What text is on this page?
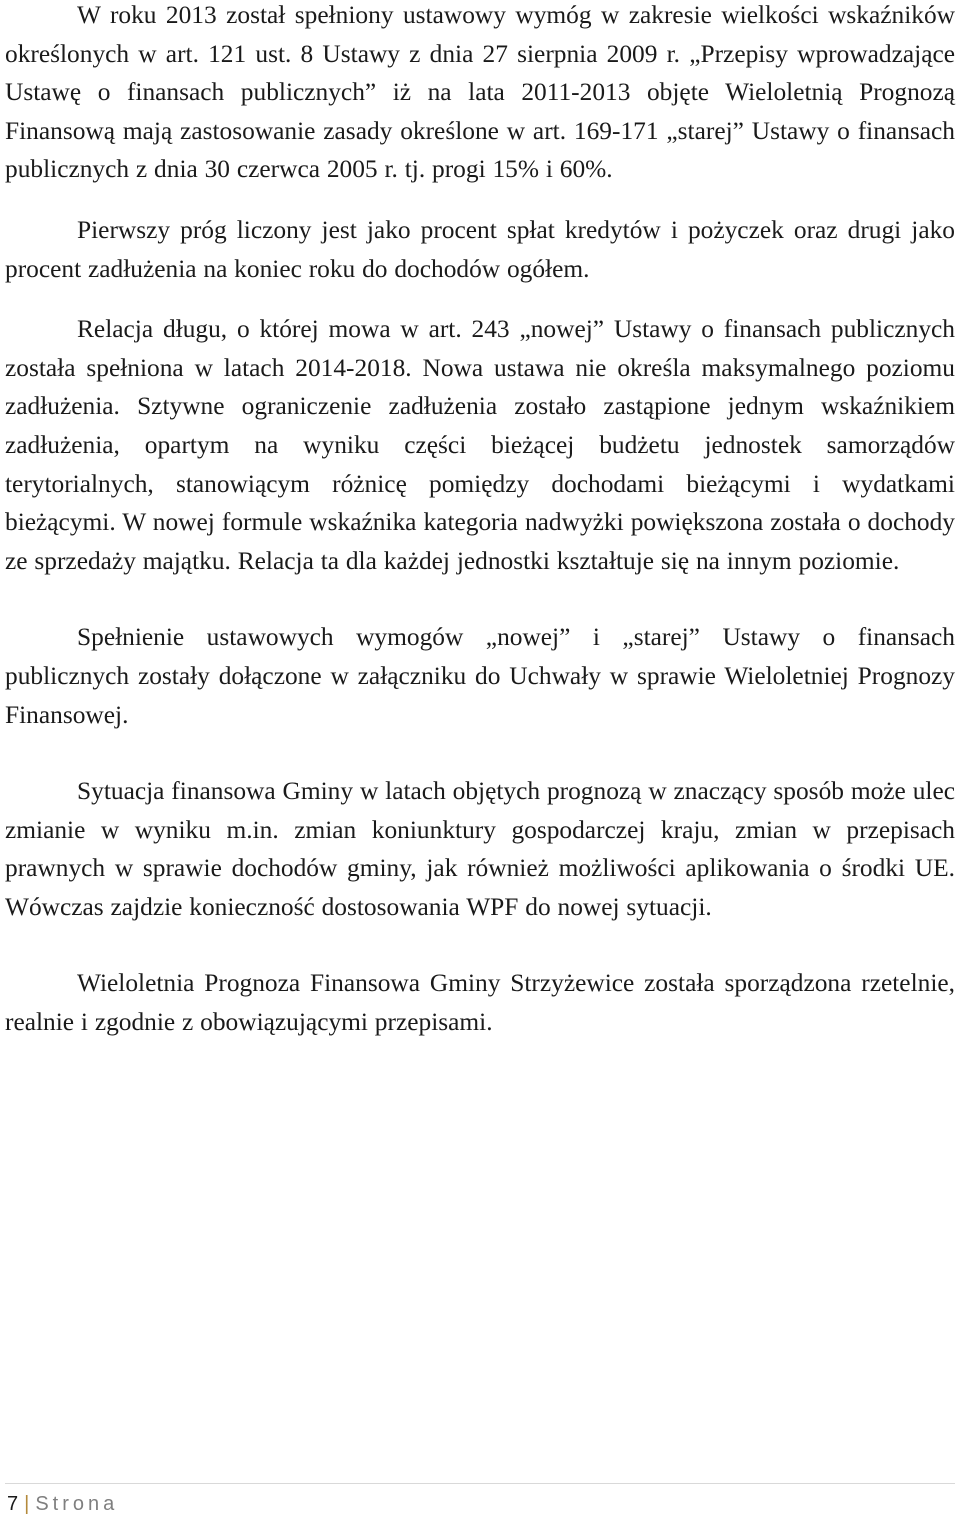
W roku 2013 został spełniony ustawowy wymóg w zakresie wielkości wskaźników określonych w art. 121 ust. 8 Ustawy z dnia 27 sierpnia 2009 r. „Przepisy wprowadzające Ustawę o finansach publicznych” iż na lata 2011-2013 objęte Wieloletnią Prognozą Finansową mają zastosowanie zasady określone w art. 169-171 „starej” Ustawy o finansach publicznych z dnia 30 czerwca 2005 r. tj. progi 15% i 60%.

Pierwszy próg liczony jest jako procent spłat kredytów i pożyczek oraz drugi jako procent zadłużenia na koniec roku do dochodów ogółem.

Relacja długu, o której mowa w art. 243 „nowej” Ustawy o finansach publicznych została spełniona w latach 2014-2018. Nowa ustawa nie określa maksymalnego poziomu zadłużenia. Sztywne ograniczenie zadłużenia zostało zastąpione jednym wskaźnikiem zadłużenia, opartym na wyniku części bieżącej budżetu jednostek samorządów terytorialnych, stanowiącym różnicę pomiędzy dochodami bieżącymi i wydatkami bieżącymi. W nowej formule wskaźnika kategoria nadwyżki powiększona została o dochody ze sprzedaży majątku. Relacja ta dla każdej jednostki kształtuje się na innym poziomie.

Spełnienie ustawowych wymogów „nowej” i „starej” Ustawy o finansach publicznych zostały dołączone w załączniku do Uchwały w sprawie Wieloletniej Prognozy Finansowej.

Sytuacja finansowa Gminy w latach objętych prognozą w znaczący sposób może ulec zmianie w wyniku m.in. zmian koniunktury gospodarczej kraju, zmian w przepisach prawnych w sprawie dochodów gminy, jak również możliwości aplikowania o środki UE. Wówczas zajdzie konieczność dostosowania WPF do nowej sytuacji.

Wieloletnia Prognoza Finansowa Gminy Strzyżewice została sporządzona rzetelnie, realnie i zgodnie z obowiązującymi przepisami.

7 | Strona
